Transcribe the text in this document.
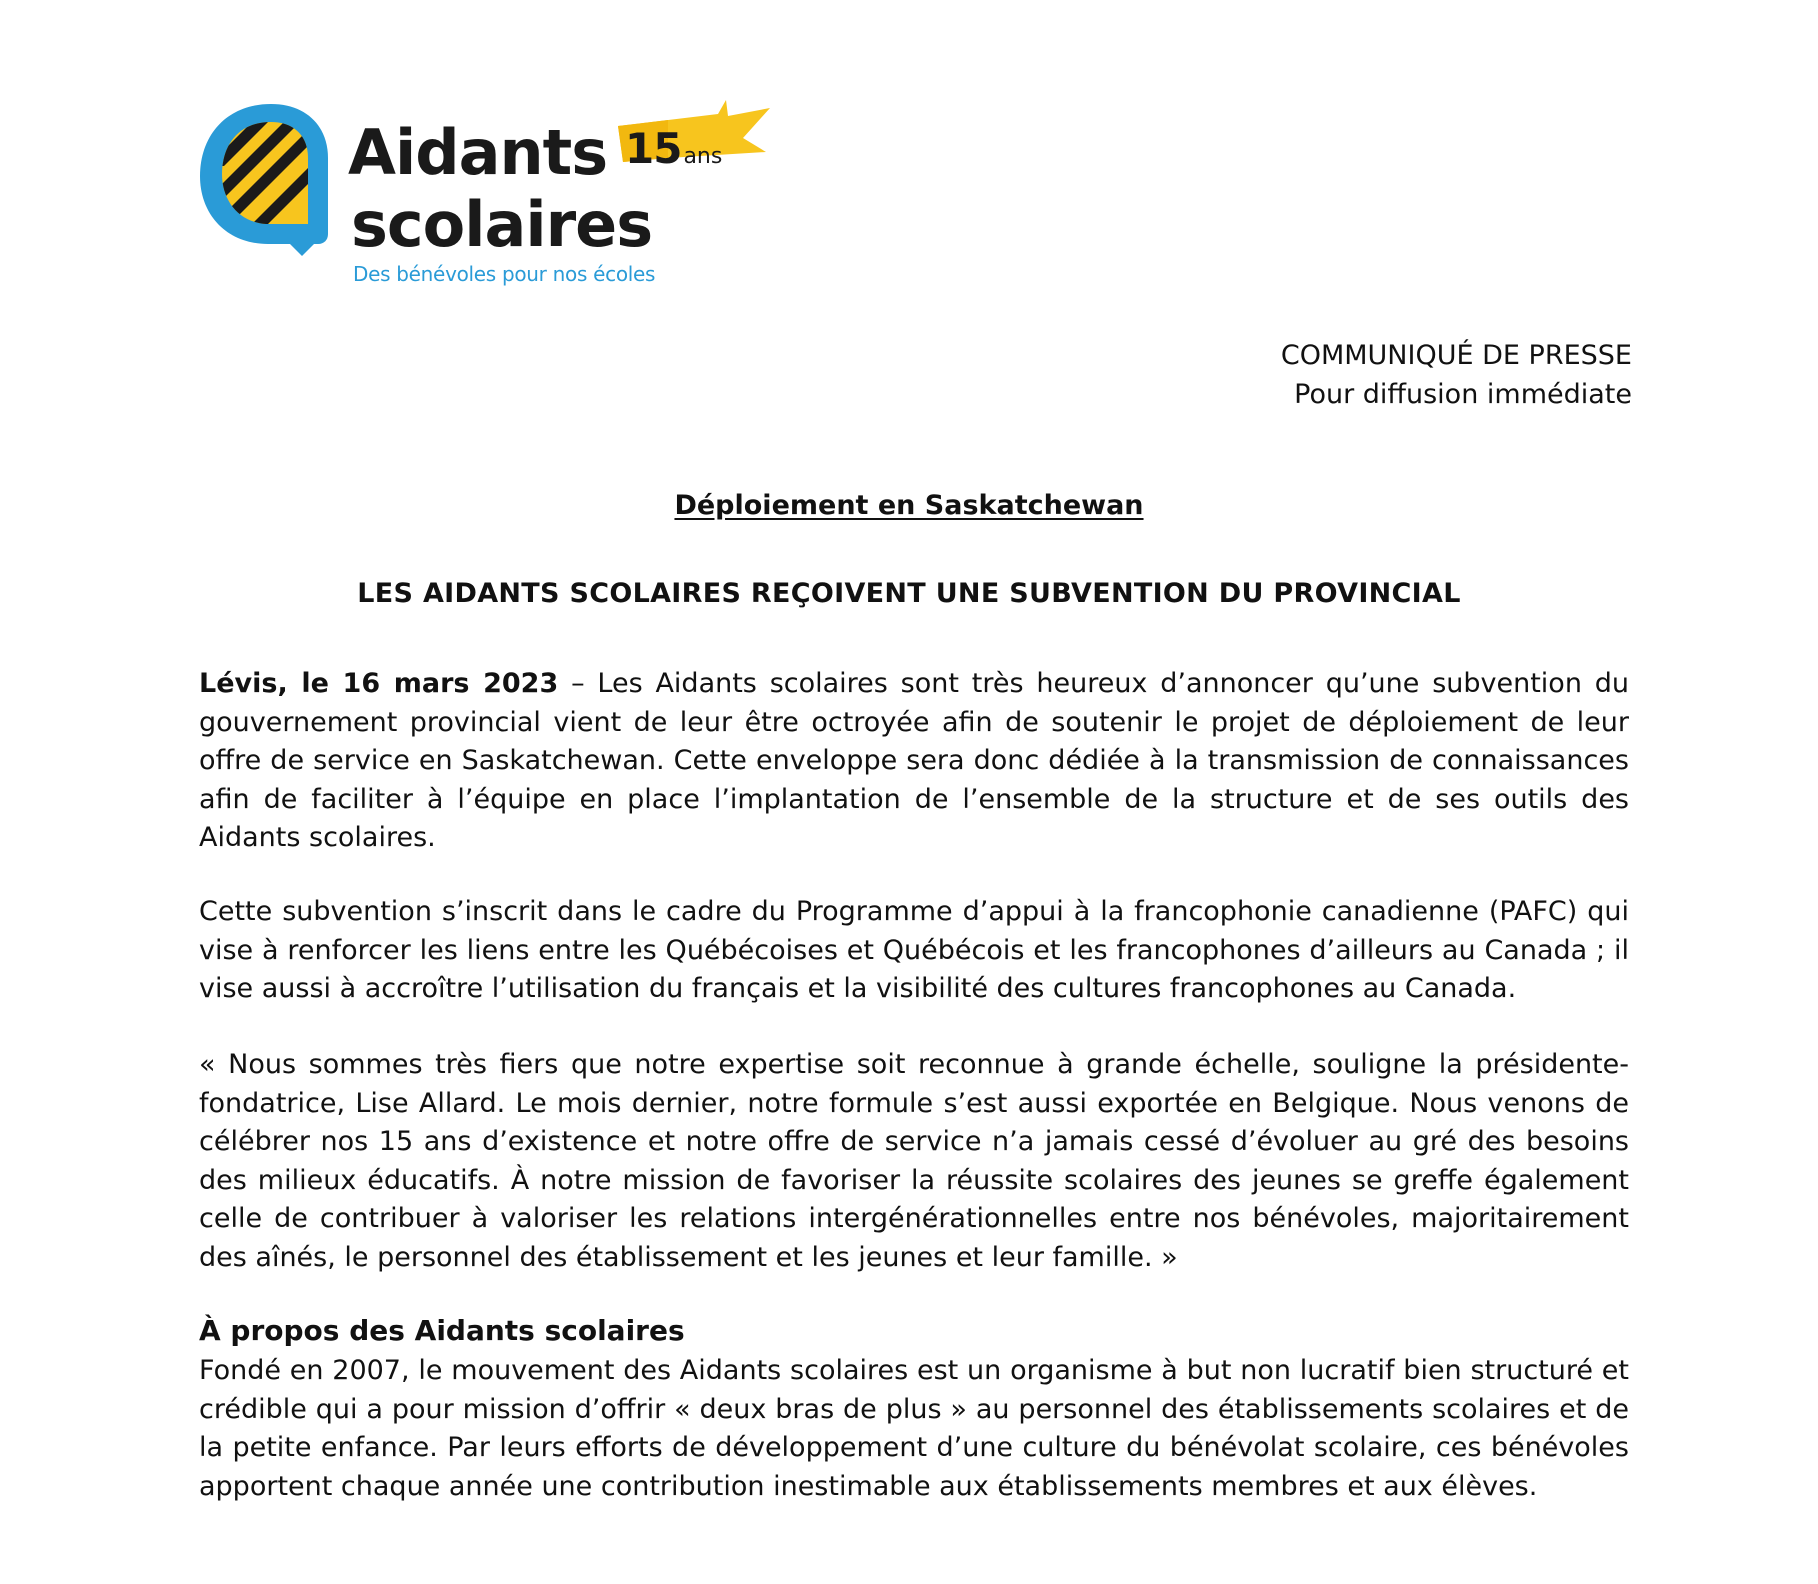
Aidants
scolaires
15ans
Des bénévoles pour nos écoles
COMMUNIQUÉ DE PRESSE
Pour diffusion immédiate
Déploiement en Saskatchewan
LES AIDANTS SCOLAIRES REÇOIVENT UNE SUBVENTION DU PROVINCIAL

Lévis, le 16 mars 2023 – Les Aidants scolaires sont très heureux d’annoncer qu’une subvention du gouvernement provincial vient de leur être octroyée afin de soutenir le projet de déploiement de leur offre de service en Saskatchewan. Cette enveloppe sera donc dédiée à la transmission de connaissances afin de faciliter à l’équipe en place l’implantation de l’ensemble de la structure et de ses outils des Aidants scolaires.

Cette subvention s’inscrit dans le cadre du Programme d’appui à la francophonie canadienne (PAFC) qui vise à renforcer les liens entre les Québécoises et Québécois et les francophones d’ailleurs au Canada ; il vise aussi à accroître l’utilisation du français et la visibilité des cultures francophones au Canada.

« Nous sommes très fiers que notre expertise soit reconnue à grande échelle, souligne la présidente-fondatrice, Lise Allard. Le mois dernier, notre formule s’est aussi exportée en Belgique. Nous venons de célébrer nos 15 ans d’existence et notre offre de service n’a jamais cessé d’évoluer au gré des besoins des milieux éducatifs. À notre mission de favoriser la réussite scolaires des jeunes se greffe également celle de contribuer à valoriser les relations intergénérationnelles entre nos bénévoles, majoritairement des aînés, le personnel des établissement et les jeunes et leur famille. »

À propos des Aidants scolaires

Fondé en 2007, le mouvement des Aidants scolaires est un organisme à but non lucratif bien structuré et crédible qui a pour mission d’offrir « deux bras de plus » au personnel des établissements scolaires et de la petite enfance. Par leurs efforts de développement d’une culture du bénévolat scolaire, ces bénévoles apportent chaque année une contribution inestimable aux établissements membres et aux élèves.
